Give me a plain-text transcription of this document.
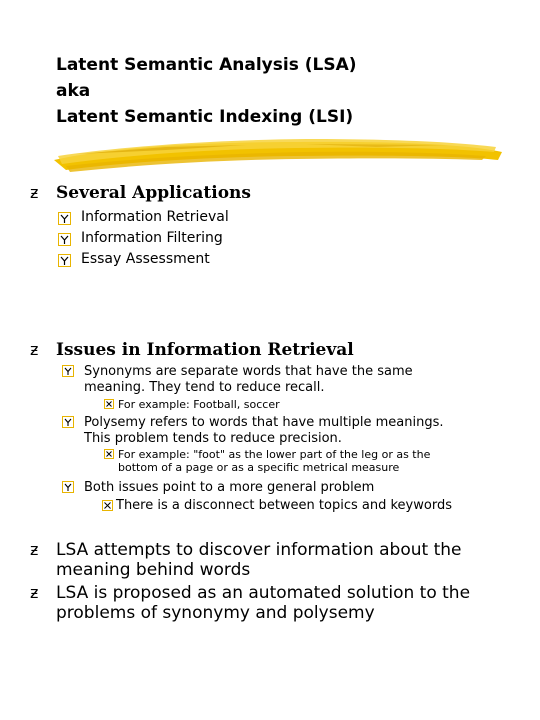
Latent Semantic Analysis (LSA)
aka
Latent Semantic Indexing (LSI)
ƶ Several Applications
Information Retrieval
Information Filtering
Essay Assessment
ƶ Issues in Information Retrieval
Synonyms are separate words that have the same
meaning. They tend to reduce recall.
For example: Football, soccer
Polysemy refers to words that have multiple meanings.
This problem tends to reduce precision.
For example: "foot" as the lower part of the leg or as the
bottom of a page or as a specific metrical measure
Both issues point to a more general problem
There is a disconnect between topics and keywords
ƶ LSA attempts to discover information about the
meaning behind words
ƶ LSA is proposed as an automated solution to the
problems of synonymy and polysemy
